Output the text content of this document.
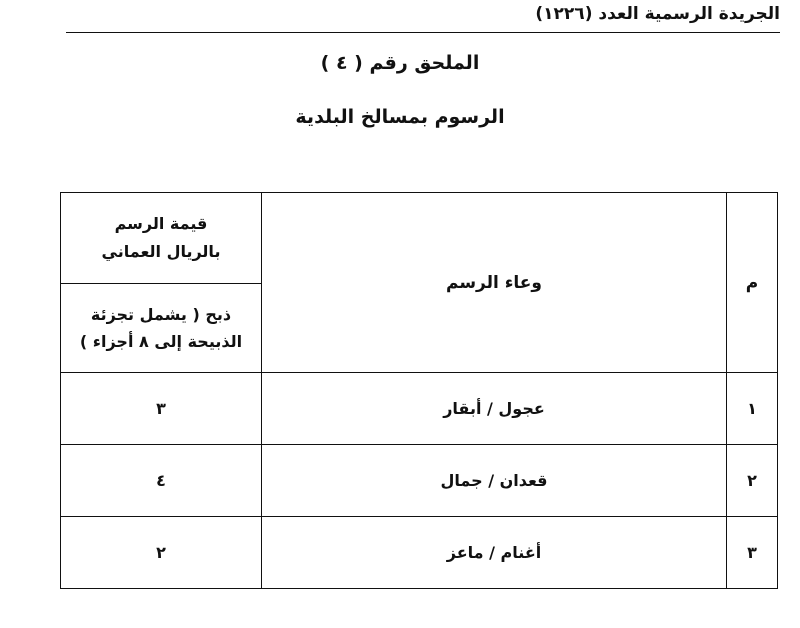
الجريدة الرسمية العدد (١٢٢٦)
الملحق رقم ( ٤ )
الرسوم بمسالخ البلدية
قيمة الرسم
بالريال العماني	وعاء الرسم	م

ذبح ( يشمل تجزئة
الذبيحة إلى ٨ أجزاء )		

٣	عجول / أبقار	١
٤	قعدان / جمال	٢
٢	أغنام / ماعز	٣
